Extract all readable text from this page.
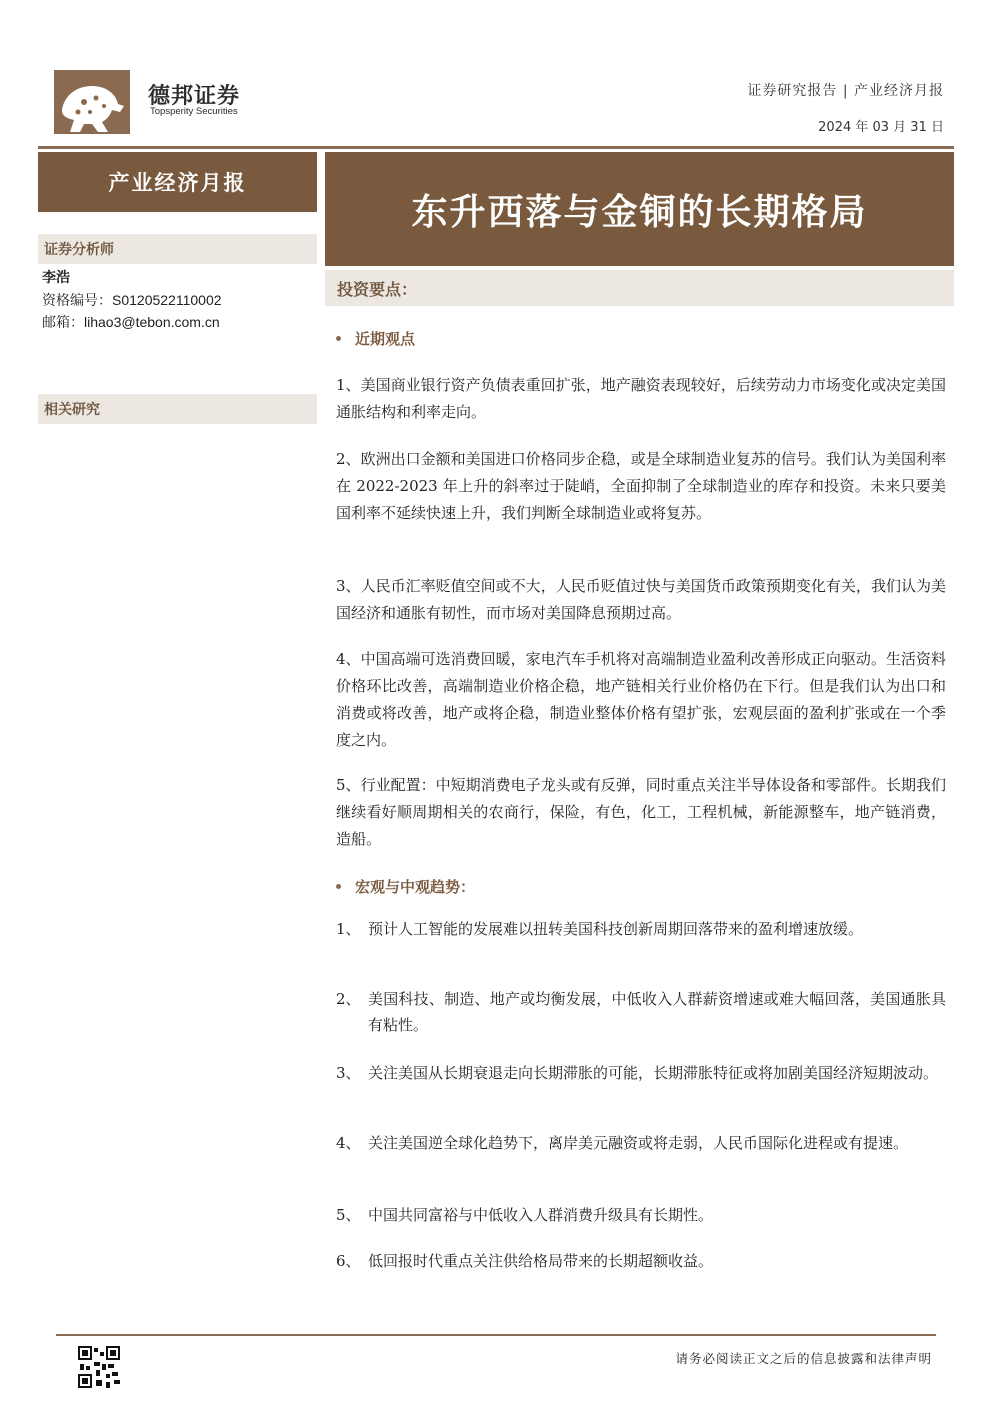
德邦证券
Topsperity Securities
证券研究报告 | 产业经济月报
2024 年 03 月 31 日
产业经济月报
证券分析师
李浩
资格编号：S0120522110002
邮箱：lihao3@tebon.com.cn
相关研究
东升西落与金铜的长期格局
投资要点：
近期观点
1、美国商业银行资产负债表重回扩张，地产融资表现较好，后续劳动力市场变化或决定美国通胀结构和利率走向。
2、欧洲出口金额和美国进口价格同步企稳，或是全球制造业复苏的信号。我们认为美国利率在 2022-2023 年上升的斜率过于陡峭，全面抑制了全球制造业的库存和投资。未来只要美国利率不延续快速上升，我们判断全球制造业或将复苏。
3、人民币汇率贬值空间或不大，人民币贬值过快与美国货币政策预期变化有关，我们认为美国经济和通胀有韧性，而市场对美国降息预期过高。
4、中国高端可选消费回暖，家电汽车手机将对高端制造业盈利改善形成正向驱动。生活资料价格环比改善，高端制造业价格企稳，地产链相关行业价格仍在下行。但是我们认为出口和消费或将改善，地产或将企稳，制造业整体价格有望扩张，宏观层面的盈利扩张或在一个季度之内。
5、行业配置：中短期消费电子龙头或有反弹，同时重点关注半导体设备和零部件。长期我们继续看好顺周期相关的农商行，保险，有色，化工，工程机械，新能源整车，地产链消费，造船。
宏观与中观趋势：
1、 预计人工智能的发展难以扭转美国科技创新周期回落带来的盈利增速放缓。
2、 美国科技、制造、地产或均衡发展，中低收入人群薪资增速或难大幅回落，美国通胀具有粘性。
3、 关注美国从长期衰退走向长期滞胀的可能，长期滞胀特征或将加剧美国经济短期波动。
4、 关注美国逆全球化趋势下，离岸美元融资或将走弱，人民币国际化进程或有提速。
5、 中国共同富裕与中低收入人群消费升级具有长期性。
6、 低回报时代重点关注供给格局带来的长期超额收益。
请务必阅读正文之后的信息披露和法律声明
